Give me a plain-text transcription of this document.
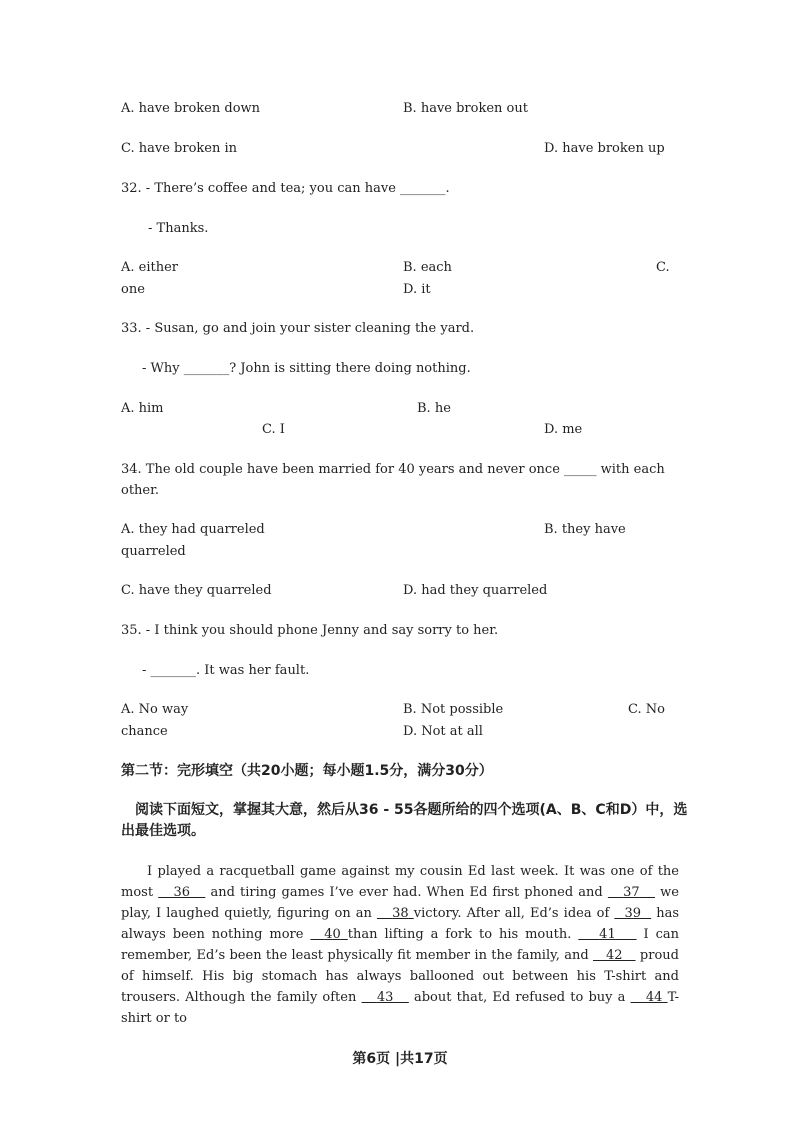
A. have broken down	B. have broken out
C. have broken in	D. have broken up
32. - There’s coffee and tea; you can have _______.
- Thanks.
A. either	B. each	C.
one	D. it
33. - Susan, go and join your sister cleaning the yard.
- Why _______? John is sitting there doing nothing.
A. him	B. he
C. I	D. me
34. The old couple have been married for 40 years and never once _____ with each
other.
A. they had quarreled	B. they have
quarreled
C. have they quarreled	D. had they quarreled
35. - I think you should phone Jenny and say sorry to her.
- _______. It was her fault.
A. No way	B. Not possible	C. No
chance	D. Not at all
第二节：完形填空（共20小题；每小题1.5分，满分30分）
阅读下面短文，掌握其大意，然后从36 - 55各题所给的四个选项(A、B、C和D）中，选
出最佳选项。
I played a racquetball game against my cousin Ed last week. It was one of the most 36 and tiring games I’ve ever had. When Ed first phoned and 37 we play, I laughed quietly, figuring on an 38 victory. After all, Ed’s idea of 39 has always been nothing more 40 than lifting a fork to his mouth. 41 I can remember, Ed’s been the least physically fit member in the family, and 42 proud of himself. His big stomach has always ballooned out between his T-shirt and trousers. Although the family often 43 about that, Ed refused to buy a 44 T-shirt or to
第6页 |共17页
